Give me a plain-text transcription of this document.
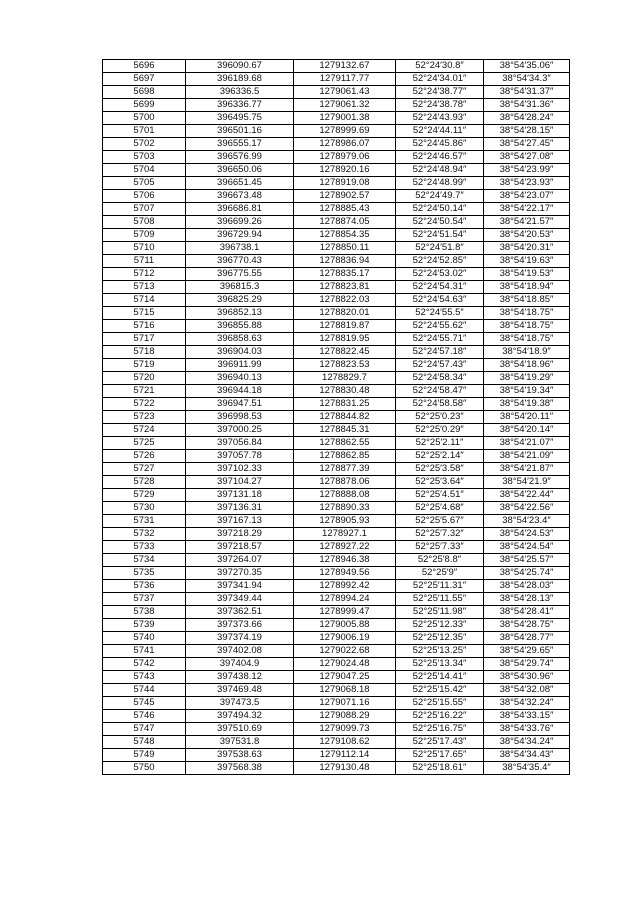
5696	396090.67	1279132.67	52°24′30.8″	38°54′35.06″
5697	396189.68	1279117.77	52°24′34.01″	38°54′34.3″
5698	396336.5	1279061.43	52°24′38.77″	38°54′31.37″
5699	396336.77	1279061.32	52°24′38.78″	38°54′31.36″
5700	396495.75	1279001.38	52°24′43.93″	38°54′28.24″
5701	396501.16	1278999.69	52°24′44.11″	38°54′28.15″
5702	396555.17	1278986.07	52°24′45.86″	38°54′27.45″
5703	396576.99	1278979.06	52°24′46.57″	38°54′27.08″
5704	396650.06	1278920.16	52°24′48.94″	38°54′23.99″
5705	396651.45	1278919.08	52°24′48.99″	38°54′23.93″
5706	396673.48	1278902.57	52°24′49.7″	38°54′23.07″
5707	396686.81	1278885.43	52°24′50.14″	38°54′22.17″
5708	396699.26	1278874.05	52°24′50.54″	38°54′21.57″
5709	396729.94	1278854.35	52°24′51.54″	38°54′20.53″
5710	396738.1	1278850.11	52°24′51.8″	38°54′20.31″
5711	396770.43	1278836.94	52°24′52.85″	38°54′19.63″
5712	396775.55	1278835.17	52°24′53.02″	38°54′19.53″
5713	396815.3	1278823.81	52°24′54.31″	38°54′18.94″
5714	396825.29	1278822.03	52°24′54.63″	38°54′18.85″
5715	396852.13	1278820.01	52°24′55.5″	38°54′18.75″
5716	396855.88	1278819.87	52°24′55.62″	38°54′18.75″
5717	396858.63	1278819.95	52°24′55.71″	38°54′18.75″
5718	396904.03	1278822.45	52°24′57.18″	38°54′18.9″
5719	396911.99	1278823.53	52°24′57.43″	38°54′18.96″
5720	396940.13	1278829.7	52°24′58.34″	38°54′19.29″
5721	396944.18	1278830.48	52°24′58.47″	38°54′19.34″
5722	396947.51	1278831.25	52°24′58.58″	38°54′19.38″
5723	396998.53	1278844.82	52°25′0.23″	38°54′20.11″
5724	397000.25	1278845.31	52°25′0.29″	38°54′20.14″
5725	397056.84	1278862.55	52°25′2.11″	38°54′21.07″
5726	397057.78	1278862.85	52°25′2.14″	38°54′21.09″
5727	397102.33	1278877.39	52°25′3.58″	38°54′21.87″
5728	397104.27	1278878.06	52°25′3.64″	38°54′21.9″
5729	397131.18	1278888.08	52°25′4.51″	38°54′22.44″
5730	397136.31	1278890.33	52°25′4.68″	38°54′22.56″
5731	397167.13	1278905.93	52°25′5.67″	38°54′23.4″
5732	397218.29	1278927.1	52°25′7.32″	38°54′24.53″
5733	397218.57	1278927.22	52°25′7.33″	38°54′24.54″
5734	397264.07	1278946.38	52°25′8.8″	38°54′25.57″
5735	397270.35	1278949.56	52°25′9″	38°54′25.74″
5736	397341.94	1278992.42	52°25′11.31″	38°54′28.03″
5737	397349.44	1278994.24	52°25′11.55″	38°54′28.13″
5738	397362.51	1278999.47	52°25′11.98″	38°54′28.41″
5739	397373.66	1279005.88	52°25′12.33″	38°54′28.75″
5740	397374.19	1279006.19	52°25′12.35″	38°54′28.77″
5741	397402.08	1279022.68	52°25′13.25″	38°54′29.65″
5742	397404.9	1279024.48	52°25′13.34″	38°54′29.74″
5743	397438.12	1279047.25	52°25′14.41″	38°54′30.96″
5744	397469.48	1279068.18	52°25′15.42″	38°54′32.08″
5745	397473.5	1279071.16	52°25′15.55″	38°54′32.24″
5746	397494.32	1279088.29	52°25′16.22″	38°54′33.15″
5747	397510.69	1279099.73	52°25′16.75″	38°54′33.76″
5748	397531.8	1279108.62	52°25′17.43″	38°54′34.24″
5749	397538.63	1279112.14	52°25′17.65″	38°54′34.43″
5750	397568.38	1279130.48	52°25′18.61″	38°54′35.4″
